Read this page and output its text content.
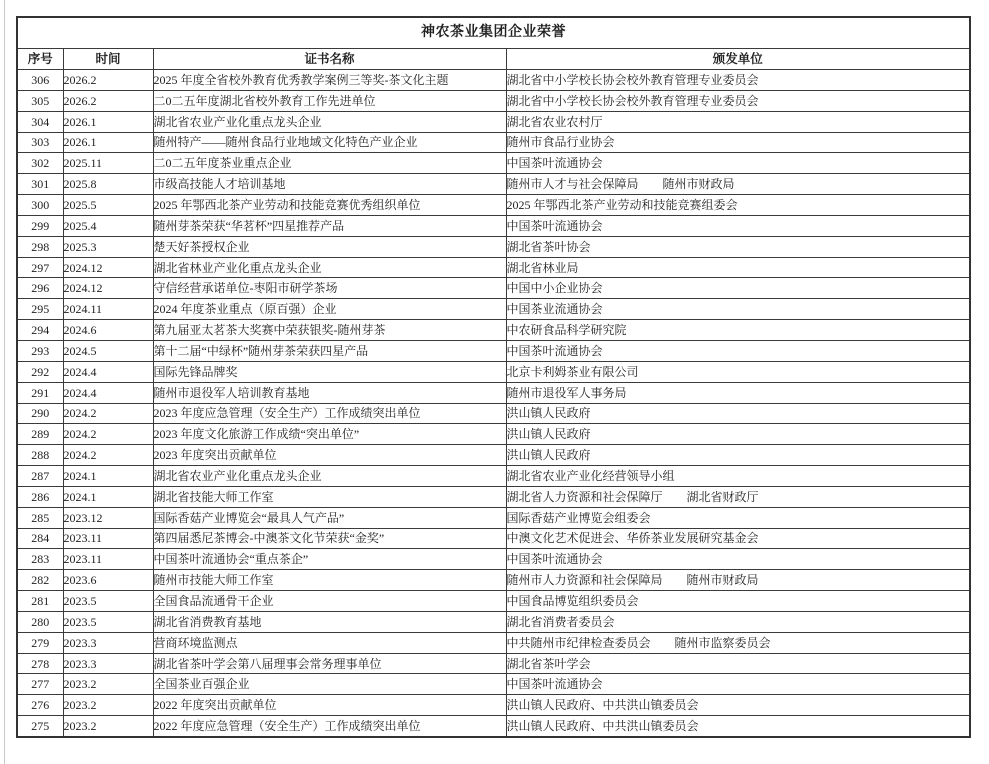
神农茶业集团企业荣誉			
序号	时间	证书名称	颁发单位
306	2026.2	2025 年度全省校外教育优秀教学案例三等奖-茶文化主题	湖北省中小学校长协会校外教育管理专业委员会
305	2026.2	二0二五年度湖北省校外教育工作先进单位	湖北省中小学校长协会校外教育管理专业委员会
304	2026.1	湖北省农业产业化重点龙头企业	湖北省农业农村厅
303	2026.1	随州特产——随州食品行业地域文化特色产业企业	随州市食品行业协会
302	2025.11	二0二五年度茶业重点企业	中国茶叶流通协会
301	2025.8	市级高技能人才培训基地	随州市人才与社会保障局　　随州市财政局
300	2025.5	2025 年鄂西北茶产业劳动和技能竞赛优秀组织单位	2025 年鄂西北茶产业劳动和技能竞赛组委会
299	2025.4	随州芽茶荣获“华茗杯”四星推荐产品	中国茶叶流通协会
298	2025.3	楚天好茶授权企业	湖北省茶叶协会
297	2024.12	湖北省林业产业化重点龙头企业	湖北省林业局
296	2024.12	守信经营承诺单位-枣阳市研学茶场	中国中小企业协会
295	2024.11	2024 年度茶业重点（原百强）企业	中国茶业流通协会
294	2024.6	第九届亚太茗茶大奖赛中荣获银奖-随州芽茶	中农研食品科学研究院
293	2024.5	第十二届“中绿杯”随州芽茶荣获四星产品	中国茶叶流通协会
292	2024.4	国际先锋品牌奖	北京卡利姆茶业有限公司
291	2024.4	随州市退役军人培训教育基地	随州市退役军人事务局
290	2024.2	2023 年度应急管理（安全生产）工作成绩突出单位	洪山镇人民政府
289	2024.2	2023 年度文化旅游工作成绩“突出单位”	洪山镇人民政府
288	2024.2	2023 年度突出贡献单位	洪山镇人民政府
287	2024.1	湖北省农业产业化重点龙头企业	湖北省农业产业化经营领导小组
286	2024.1	湖北省技能大师工作室	湖北省人力资源和社会保障厅　　湖北省财政厅
285	2023.12	国际香菇产业博览会“最具人气产品”	国际香菇产业博览会组委会
284	2023.11	第四届悉尼茶博会-中澳茶文化节荣获“金奖”	中澳文化艺术促进会、华侨茶业发展研究基金会
283	2023.11	中国茶叶流通协会“重点茶企”	中国茶叶流通协会
282	2023.6	随州市技能大师工作室	随州市人力资源和社会保障局　　随州市财政局
281	2023.5	全国食品流通骨干企业	中国食品博览组织委员会
280	2023.5	湖北省消费教育基地	湖北省消费者委员会
279	2023.3	营商环境监测点	中共随州市纪律检查委员会　　随州市监察委员会
278	2023.3	湖北省茶叶学会第八届理事会常务理事单位	湖北省茶叶学会
277	2023.2	全国茶业百强企业	中国茶叶流通协会
276	2023.2	2022 年度突出贡献单位	洪山镇人民政府、中共洪山镇委员会
275	2023.2	2022 年度应急管理（安全生产）工作成绩突出单位	洪山镇人民政府、中共洪山镇委员会
